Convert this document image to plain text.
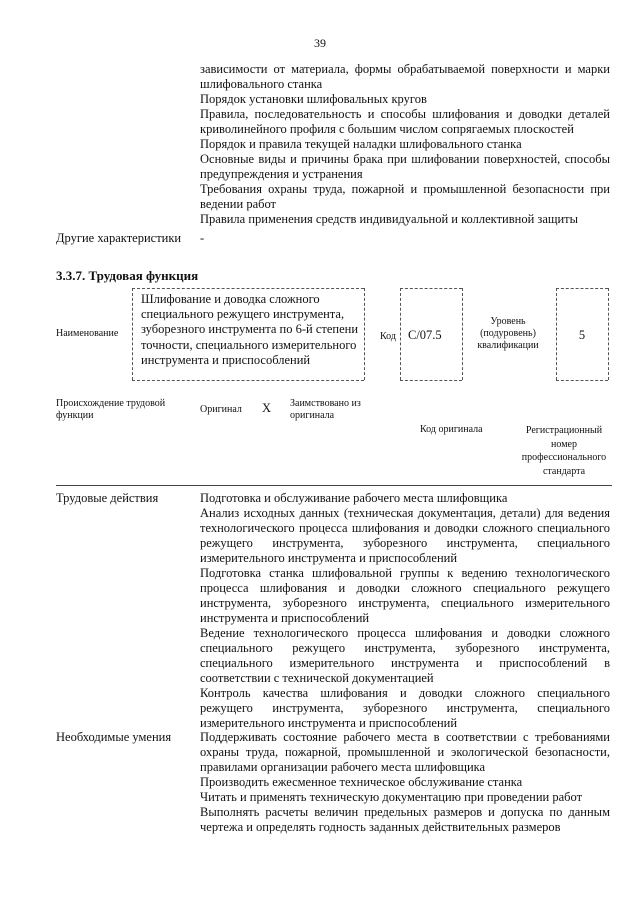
39
зависимости от материала, формы обрабатываемой поверхности и марки шлифовального станка
Порядок установки шлифовальных кругов
Правила, последовательность и способы шлифования и доводки деталей криволинейного профиля с большим числом сопрягаемых плоскостей
Порядок и правила текущей наладки шлифовального станка
Основные виды и причины брака при шлифовании поверхностей, способы предупреждения и устранения
Требования охраны труда, пожарной и промышленной безопасности при ведении работ
Правила применения средств индивидуальной и коллективной защиты
Другие характеристики -
3.3.7. Трудовая функция
Наименование
Шлифование и доводка сложного специального режущего инструмента, зуборезного инструмента по 6-й степени точности, специального измерительного инструмента и приспособлений
Код С/07.5
Уровень (подуровень) квалификации
5
Происхождение трудовой функции
Оригинал X Заимствовано из оригинала
Код оригинала	Регистрационный номер профессионального стандарта
Трудовые действия	Подготовка и обслуживание рабочего места шлифовщика
Анализ исходных данных (техническая документация, детали) для ведения технологического процесса шлифования и доводки сложного специального режущего инструмента, зуборезного инструмента, специального измерительного инструмента и приспособлений
Подготовка станка шлифовальной группы к ведению технологического процесса шлифования и доводки сложного специального режущего инструмента, зуборезного инструмента, специального измерительного инструмента и приспособлений
Ведение технологического процесса шлифования и доводки сложного специального режущего инструмента, зуборезного инструмента, специального измерительного инструмента и приспособлений в соответствии с технической документацией
Контроль качества шлифования и доводки сложного специального режущего инструмента, зуборезного инструмента, специального измерительного инструмента и приспособлений
Необходимые умения Поддерживать состояние рабочего места в соответствии с требованиями охраны труда, пожарной, промышленной и экологической безопасности, правилами организации рабочего места шлифовщика
Производить ежесменное техническое обслуживание станка
Читать и применять техническую документацию при проведении работ
Выполнять расчеты величин предельных размеров и допуска по данным чертежа и определять годность заданных действительных размеров
